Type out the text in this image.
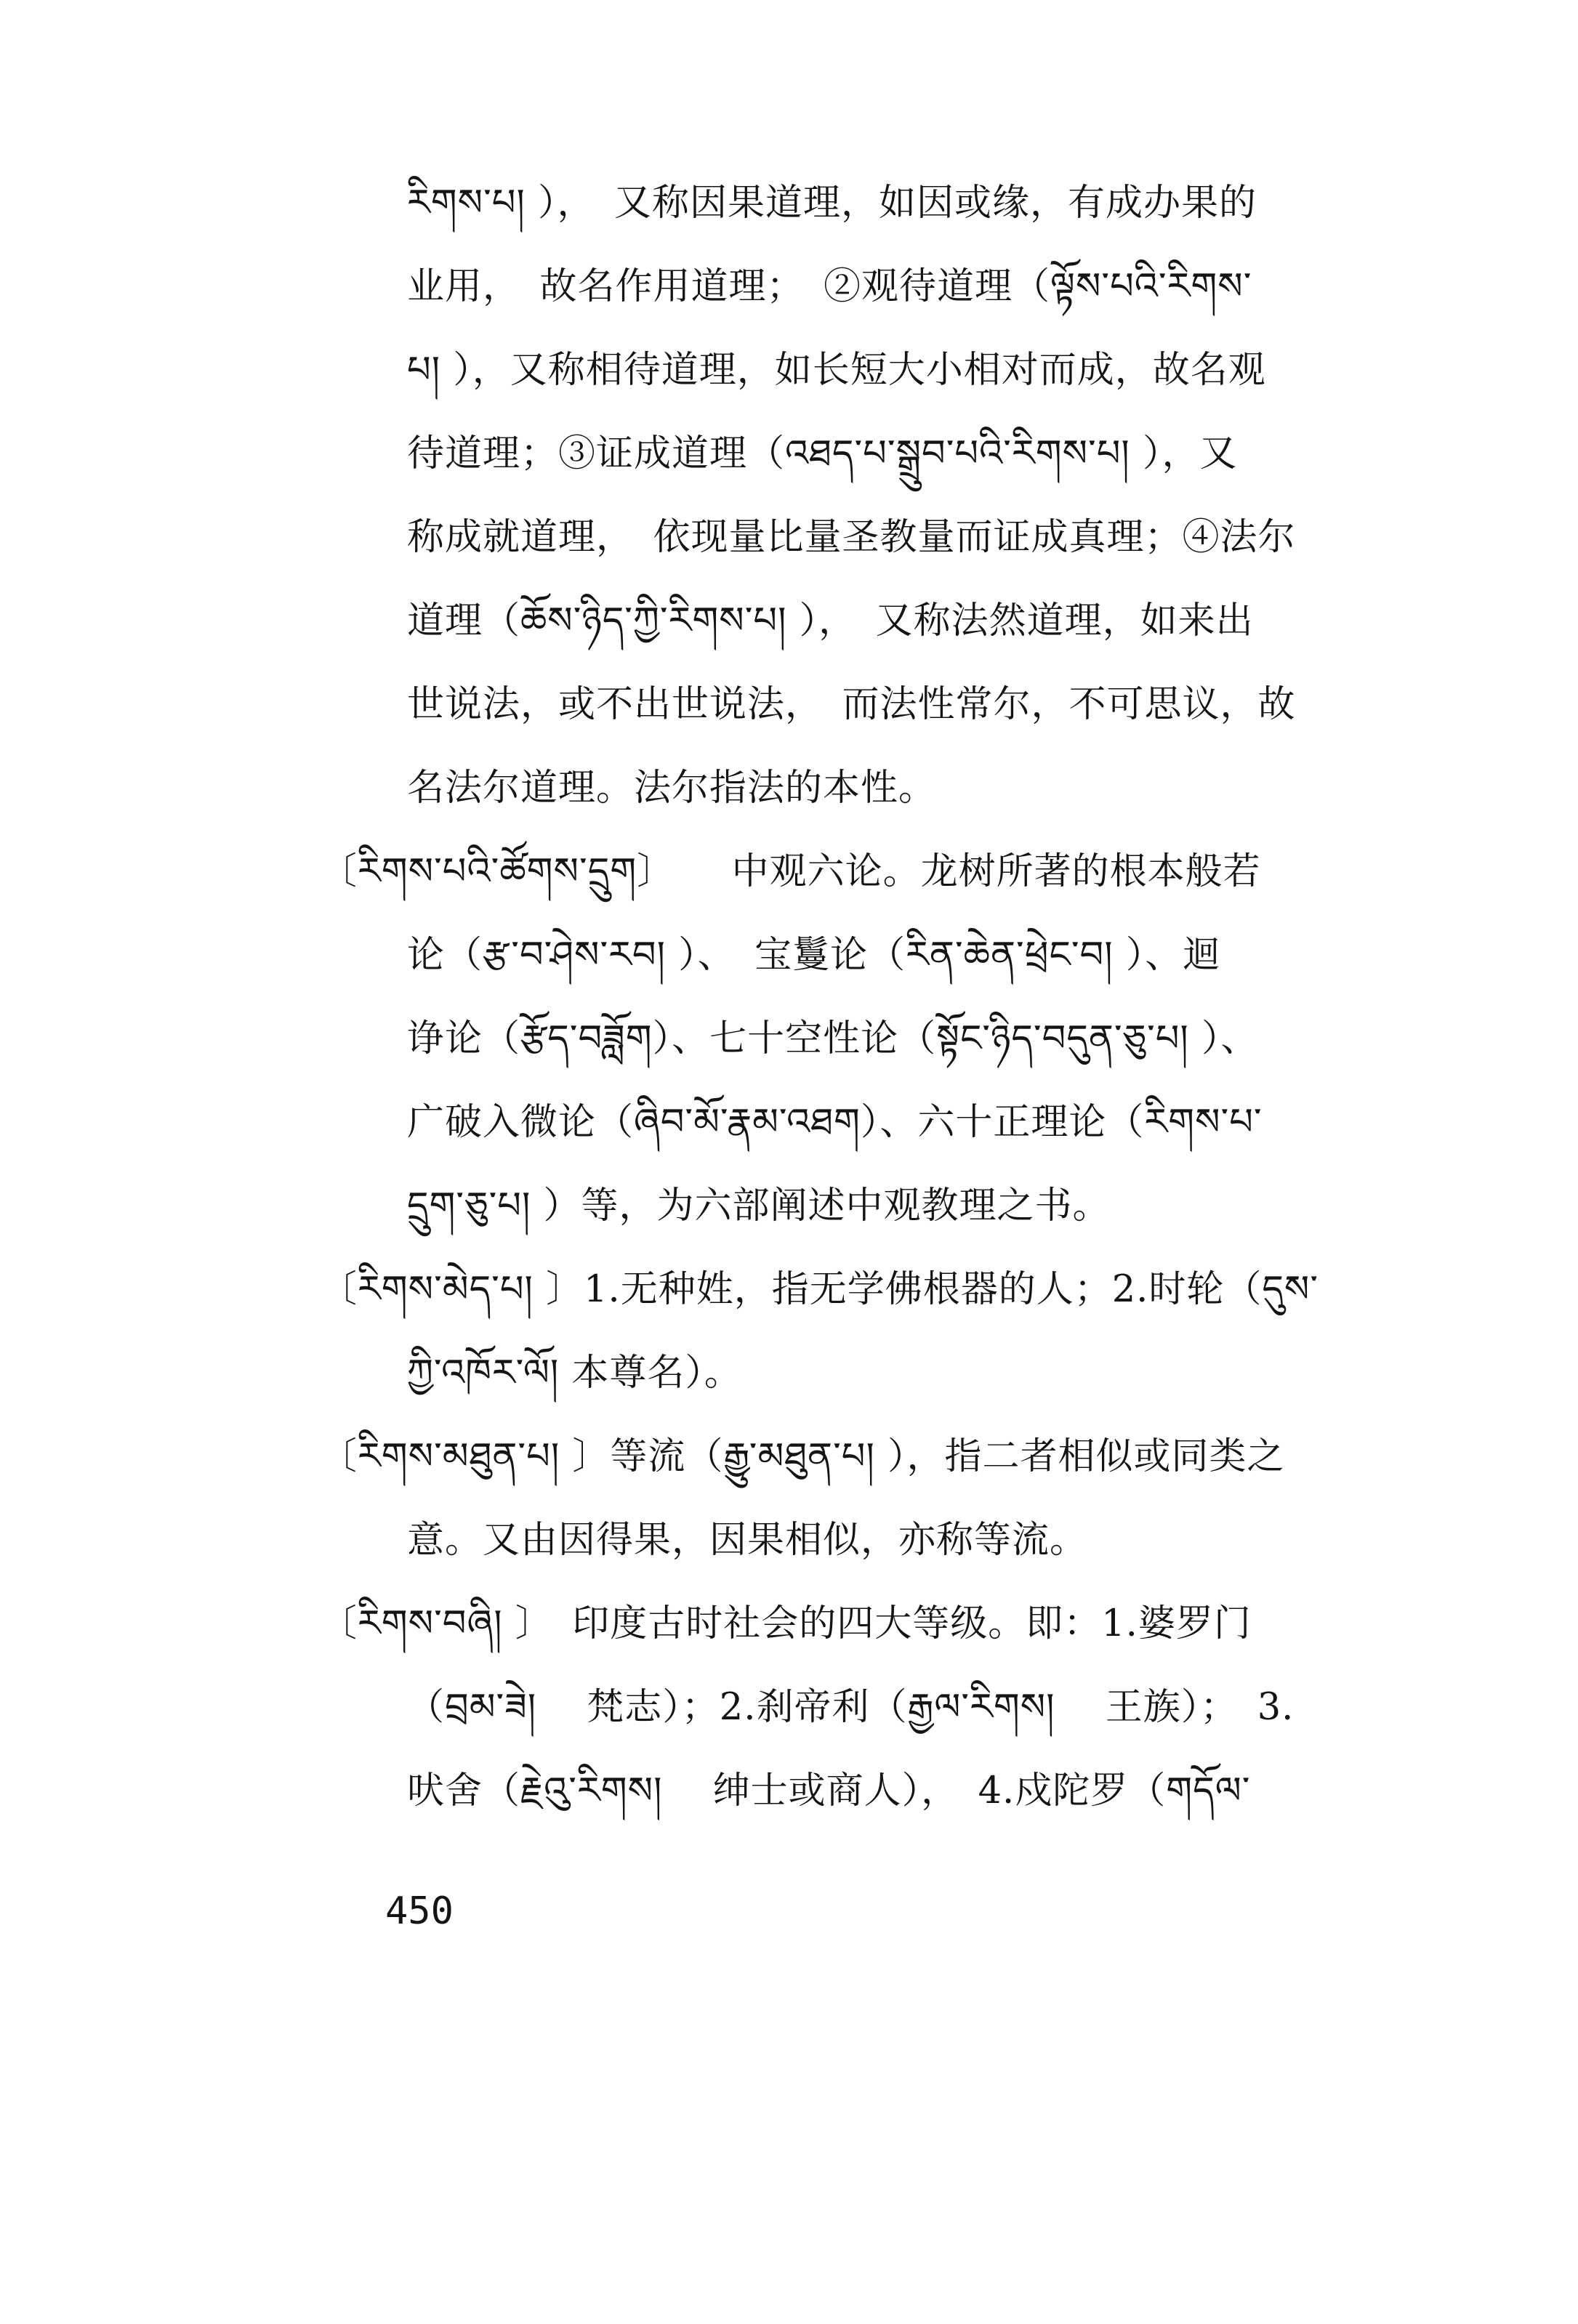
རིགས་པ། ），　又称因果道理，如因或缘，有成办果的
业用，　故名作用道理；　②观待道理（ལྟོས་པའི་རིགས་
པ། ），又称相待道理，如长短大小相对而成，故名观
待道理；③证成道理（འཐད་པ་སྒྲུབ་པའི་རིགས་པ། ），又
称成就道理，　依现量比量圣教量而证成真理；④法尔
道理（ཆོས་ཉིད་ཀྱི་རིགས་པ། ），　又称法然道理，如来出
世说法，或不出世说法，　而法性常尔，不可思议，故
名法尔道理。法尔指法的本性。
〔རིགས་པའི་ཚོགས་དྲུག〕　　中观六论。龙树所著的根本般若
论（རྩ་བ་ཤེས་རབ། ）、　宝鬘论（རིན་ཆེན་ཕྲེང་བ། ）、迴
诤论（རྩོད་བཟློག）、七十空性论（སྟོང་ཉིད་བདུན་ཅུ་པ། ）、
广破入微论（ཞིབ་མོ་རྣམ་འཐག）、六十正理论（རིགས་པ་
དྲུག་ཅུ་པ། ）等，为六部阐述中观教理之书。
〔རིགས་མེད་པ། 〕1.无种姓，指无学佛根器的人；2.时轮（དུས་
ཀྱི་འཁོར་ལོ། 本尊名）。
〔རིགས་མཐུན་པ། 〕等流（རྒྱུ་མཐུན་པ། ），指二者相似或同类之
意。又由因得果，因果相似，亦称等流。
〔རིགས་བཞི། 〕　印度古时社会的四大等级。即：1.婆罗门
（བྲམ་ཟེ། 　梵志）；2.刹帝利（རྒྱལ་རིགས། 　王族）；　3.
吠舍（རྗེའུ་རིགས། 　绅士或商人），　4.戍陀罗（གདོལ་
450
